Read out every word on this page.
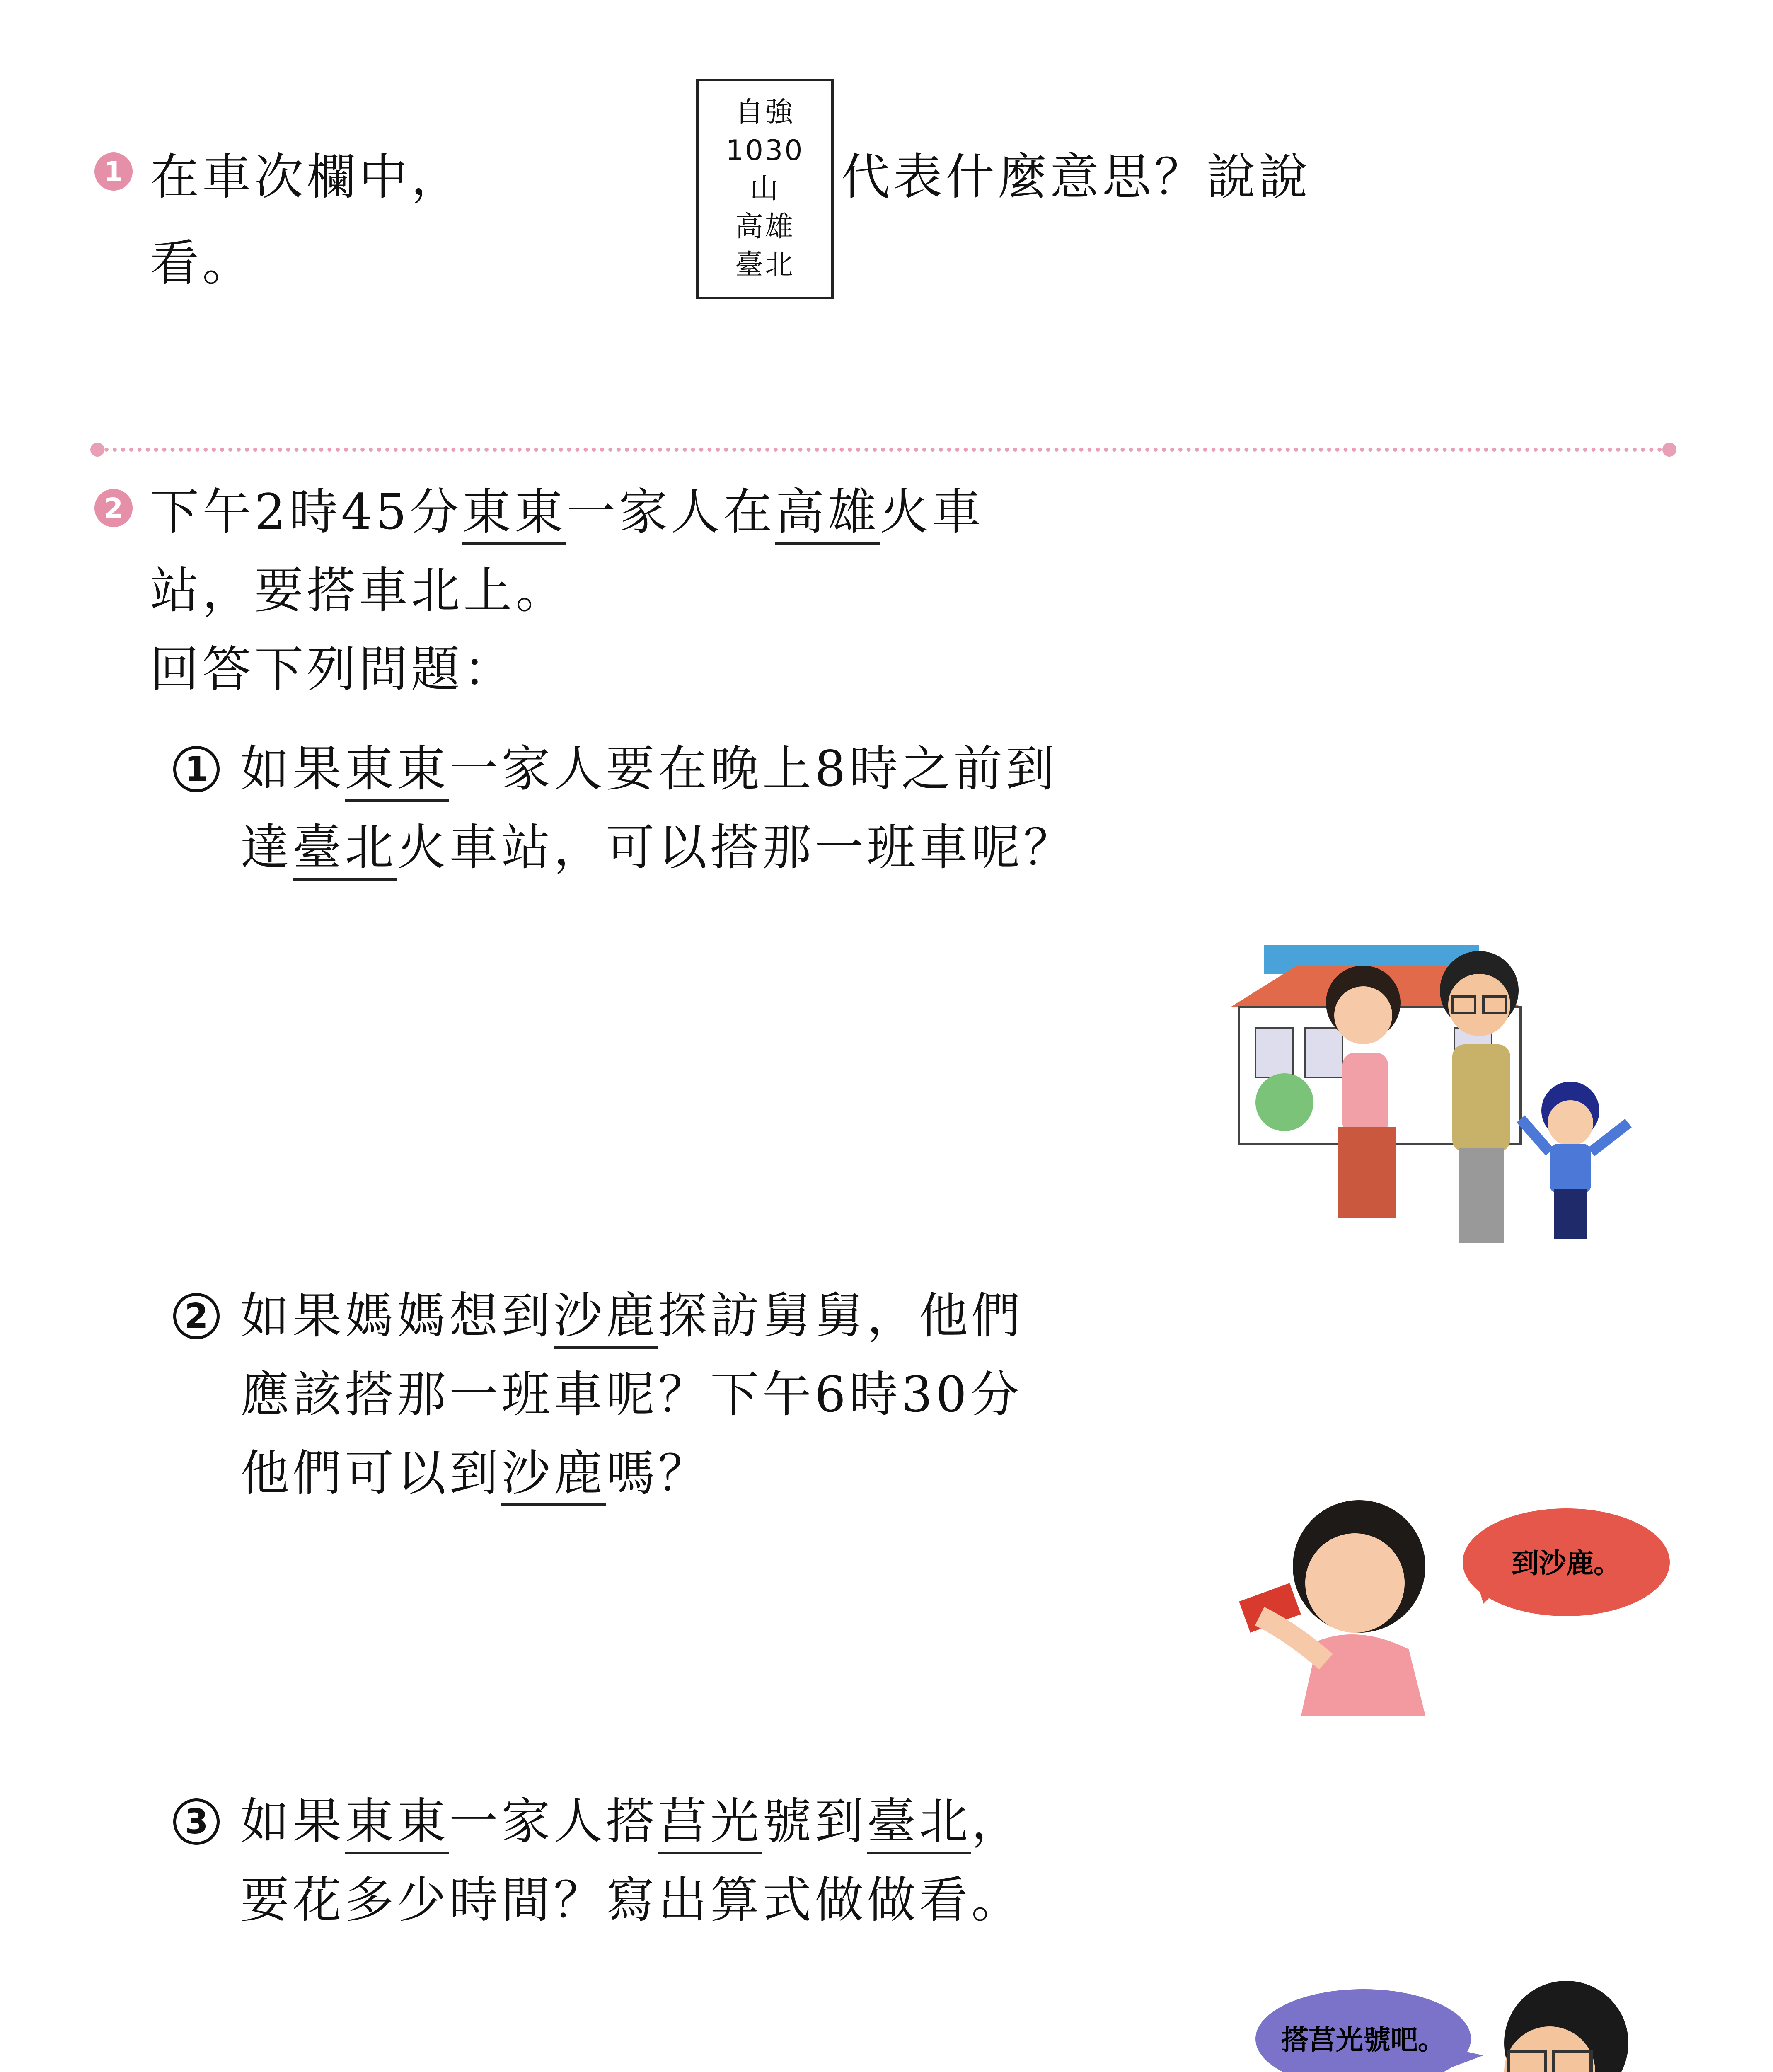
1 在車次欄中，
自強
1030
山
高雄
臺北
代表什麼意思？說說
看。
2 下午2時45分東東一家人在高雄火車
站，要搭車北上。
回答下列問題：
1 如果東東一家人要在晚上8時之前到
達臺北火車站，可以搭那一班車呢？
2 如果媽媽想到沙鹿探訪舅舅，他們
應該搭那一班車呢？下午6時30分
他們可以到沙鹿嗎？
到沙鹿。
3 如果東東一家人搭莒光號到臺北，
要花多少時間？寫出算式做做看。
搭莒光號吧。
